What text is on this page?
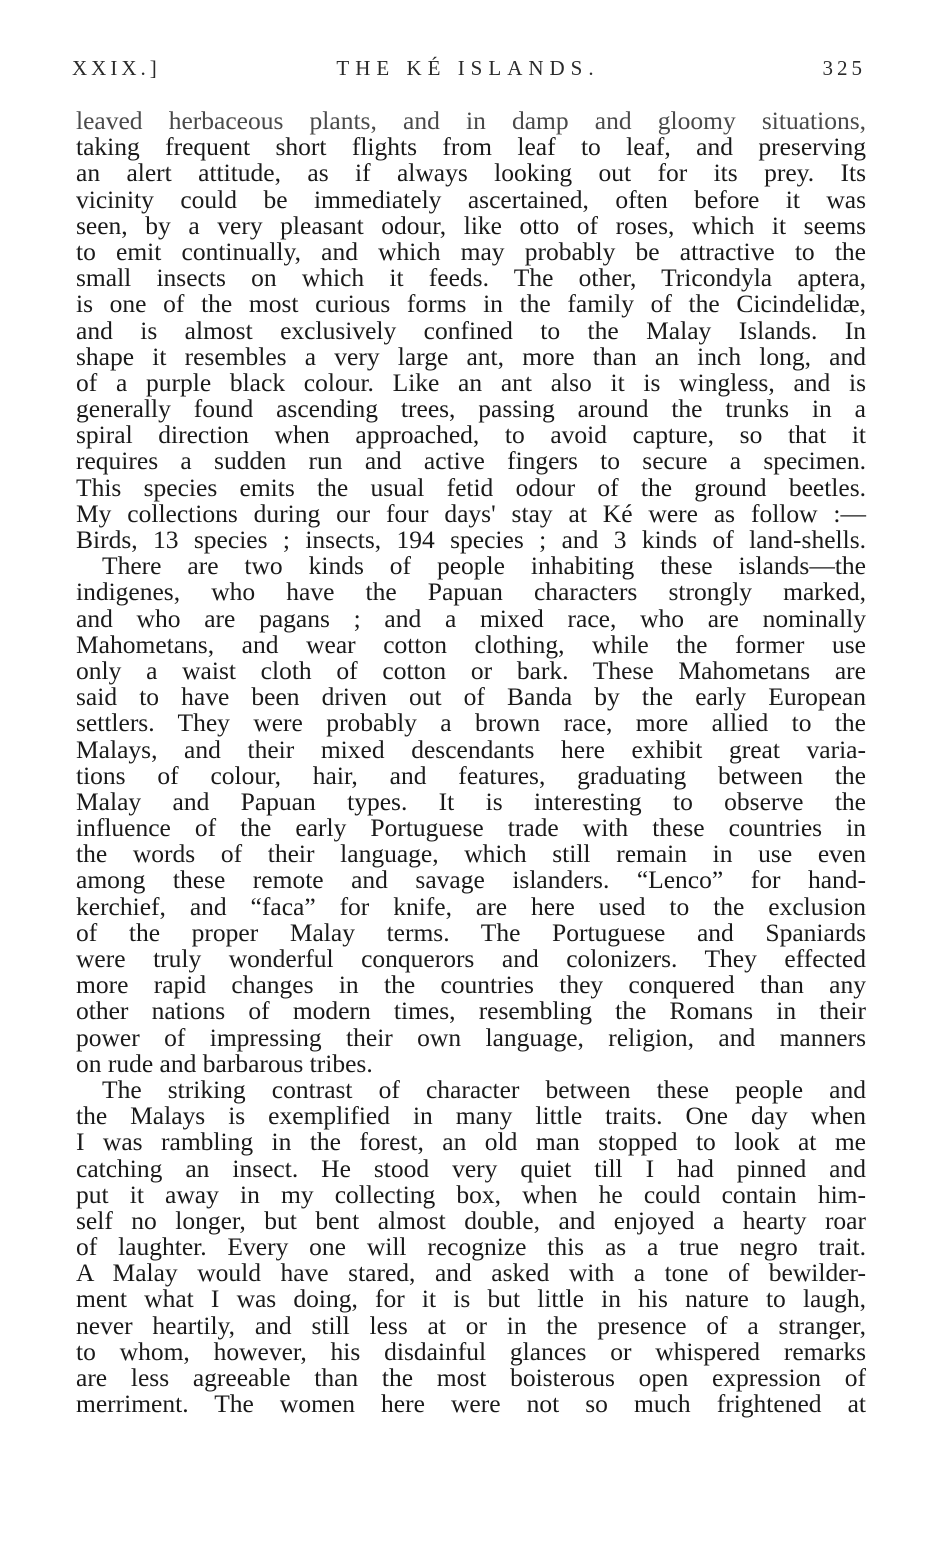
XXIX.]	THE KÉ ISLANDS.	325
leaved herbaceous plants, and in damp and gloomy situations,
taking frequent short flights from leaf to leaf, and preserving
an alert attitude, as if always looking out for its prey. Its
vicinity could be immediately ascertained, often before it was
seen, by a very pleasant odour, like otto of roses, which it seems
to emit continually, and which may probably be attractive to the
small insects on which it feeds. The other, Tricondyla aptera,
is one of the most curious forms in the family of the Cicindelidæ,
and is almost exclusively confined to the Malay Islands. In
shape it resembles a very large ant, more than an inch long, and
of a purple black colour. Like an ant also it is wingless, and is
generally found ascending trees, passing around the trunks in a
spiral direction when approached, to avoid capture, so that it
requires a sudden run and active fingers to secure a specimen.
This species emits the usual fetid odour of the ground beetles.
My collections during our four days' stay at Ké were as follow :—
Birds, 13 species ; insects, 194 species ; and 3 kinds of land-shells.
There are two kinds of people inhabiting these islands—the
indigenes, who have the Papuan characters strongly marked,
and who are pagans ; and a mixed race, who are nominally
Mahometans, and wear cotton clothing, while the former use
only a waist cloth of cotton or bark. These Mahometans are
said to have been driven out of Banda by the early European
settlers. They were probably a brown race, more allied to the
Malays, and their mixed descendants here exhibit great varia-
tions of colour, hair, and features, graduating between the
Malay and Papuan types. It is interesting to observe the
influence of the early Portuguese trade with these countries in
the words of their language, which still remain in use even
among these remote and savage islanders. “Lenco” for hand-
kerchief, and “faca” for knife, are here used to the exclusion
of the proper Malay terms. The Portuguese and Spaniards
were truly wonderful conquerors and colonizers. They effected
more rapid changes in the countries they conquered than any
other nations of modern times, resembling the Romans in their
power of impressing their own language, religion, and manners
on rude and barbarous tribes.
The striking contrast of character between these people and
the Malays is exemplified in many little traits. One day when
I was rambling in the forest, an old man stopped to look at me
catching an insect. He stood very quiet till I had pinned and
put it away in my collecting box, when he could contain him-
self no longer, but bent almost double, and enjoyed a hearty roar
of laughter. Every one will recognize this as a true negro trait.
A Malay would have stared, and asked with a tone of bewilder-
ment what I was doing, for it is but little in his nature to laugh,
never heartily, and still less at or in the presence of a stranger,
to whom, however, his disdainful glances or whispered remarks
are less agreeable than the most boisterous open expression of
merriment. The women here were not so much frightened at
